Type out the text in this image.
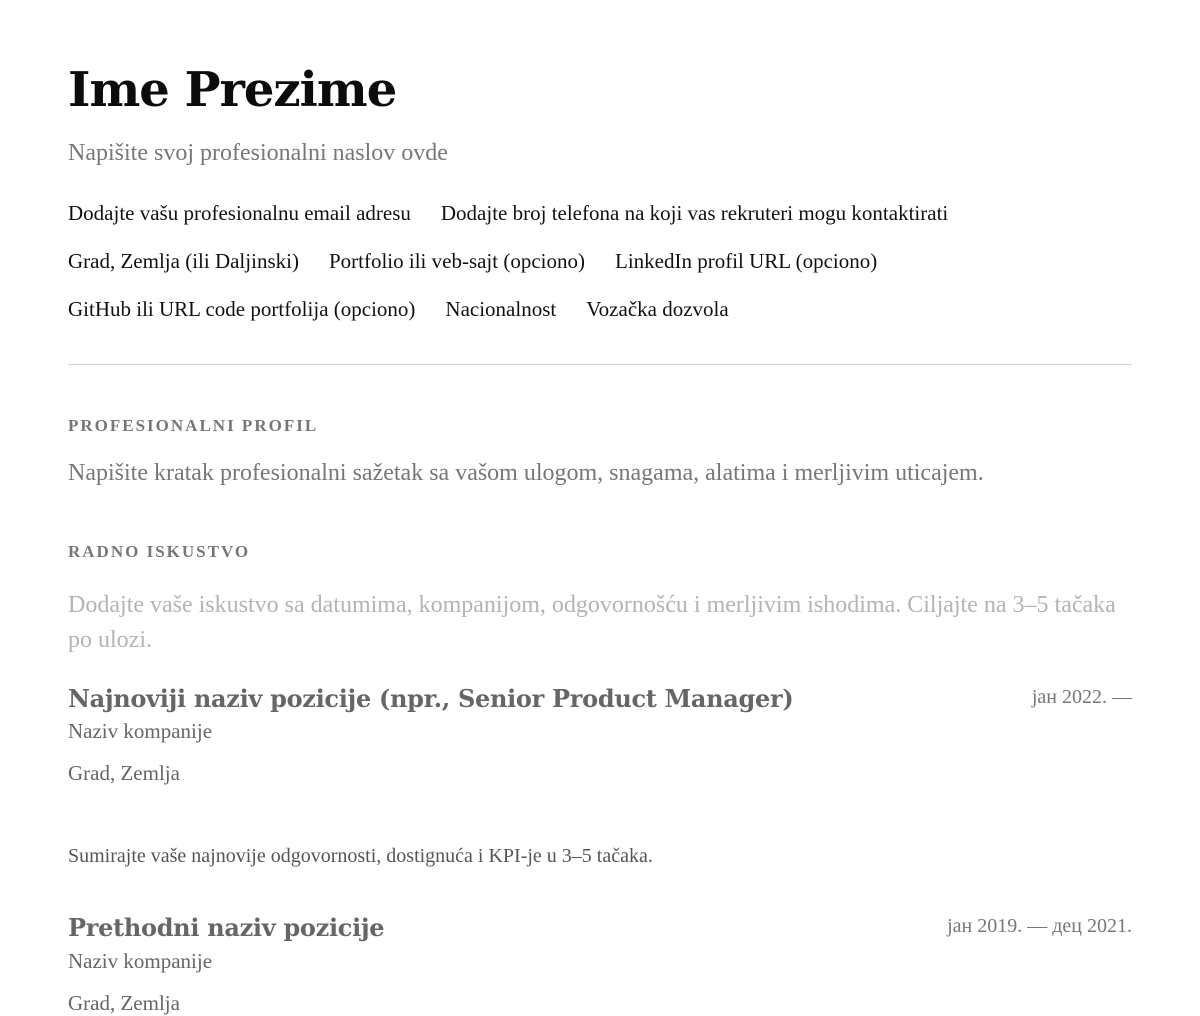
Ime Prezime
Napišite svoj profesionalni naslov ovde
Dodajte vašu profesionalnu email adresu Dodajte broj telefona na koji vas rekruteri mogu kontaktirati
Grad, Zemlja (ili Daljinski) Portfolio ili veb-sajt (opciono) LinkedIn profil URL (opciono)
GitHub ili URL code portfolija (opciono) Nacionalnost Vozačka dozvola
PROFESIONALNI PROFIL
Napišite kratak profesionalni sažetak sa vašom ulogom, snagama, alatima i merljivim uticajem.
RADNO ISKUSTVO
Dodajte vaše iskustvo sa datumima, kompanijom, odgovornošću i merljivim ishodima. Ciljajte na 3–5 tačaka po ulozi.
Najnoviji naziv pozicije (npr., Senior Product Manager)	јан 2022. —
Naziv kompanije
Grad, Zemlja
Sumirajte vaše najnovije odgovornosti, dostignuća i KPI-je u 3–5 tačaka.
Prethodni naziv pozicije	јан 2019. — дец 2021.
Naziv kompanije
Grad, Zemlja
